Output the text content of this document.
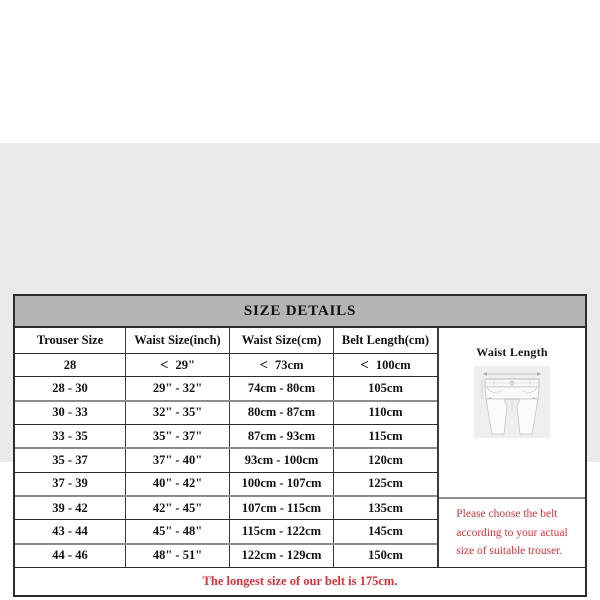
SIZE DETAILS
Trouser Size	Waist Size(inch)	Waist Size(cm)	Belt Length(cm)
28	< 29"	< 73cm	< 100cm
28 - 30	29" - 32"	74cm - 80cm	105cm
30 - 33	32" - 35"	80cm - 87cm	110cm
33 - 35	35" - 37"	87cm - 93cm	115cm
35 - 37	37" - 40"	93cm - 100cm	120cm
37 - 39	40" - 42"	100cm - 107cm	125cm
39 - 42	42" - 45"	107cm - 115cm	135cm
43 - 44	45" - 48"	115cm - 122cm	145cm
44 - 46	48" - 51"	122cm - 129cm	150cm
Waist Length
Please choose the belt
according to your actual
size of suitable trouser.
The longest size of our belt is 175cm.
